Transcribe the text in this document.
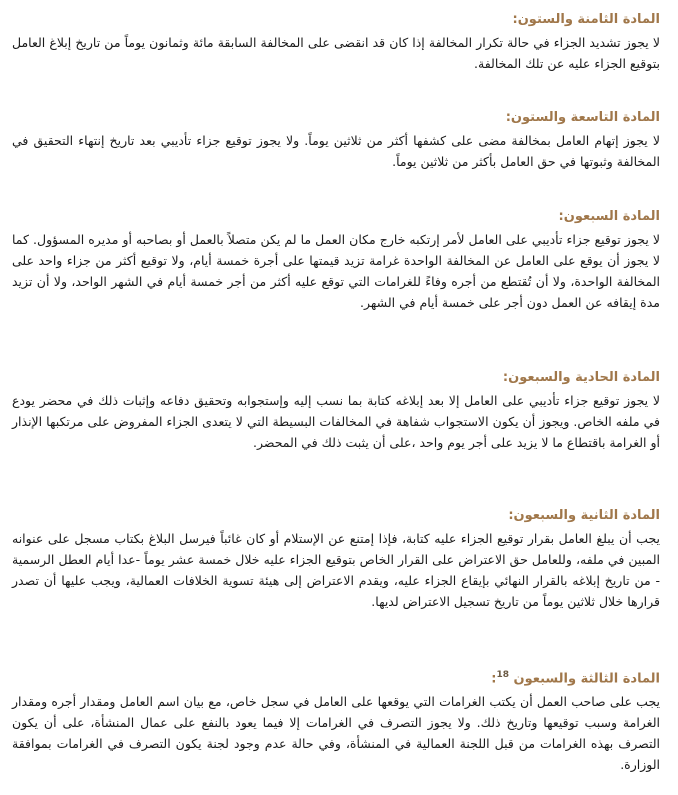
المادة الثامنة والستون:

لا يجوز تشديد الجزاء في حالة تكرار المخالفة إذا كان قد انقضى على المخالفة السابقة مائة وثمانون يوماً من تاريخ إبلاغ العامل بتوقيع الجزاء عليه عن تلك المخالفة.

المادة التاسعة والستون:

لا يجوز إتهام العامل بمخالفة مضى على كشفها أكثر من ثلاثين يوماً. ولا يجوز توقيع جزاء تأديبي بعد تاريخ إنتهاء التحقيق في المخالفة وثبوتها في حق العامل بأكثر من ثلاثين يوماً.

المادة السبعون:

لا يجوز توقيع جزاء تأديبي على العامل لأمر إرتكبه خارج مكان العمل ما لم يكن متصلاً بالعمل أو بصاحبه أو مديره المسؤول. كما لا يجوز أن يوقع على العامل عن المخالفة الواحدة غرامة تزيد قيمتها على أجرة خمسة أيام، ولا توقيع أكثر من جزاء واحد على المخالفة الواحدة، ولا أن تُقتطع من أجره وفاءً للغرامات التي توقع عليه أكثر من أجر خمسة أيام في الشهر الواحد، ولا أن تزيد مدة إيقافه عن العمل دون أجر على خمسة أيام في الشهر.

المادة الحادية والسبعون:

لا يجوز توقيع جزاء تأديبي على العامل إلا بعد إبلاغه كتابة بما نسب إليه وإستجوابه وتحقيق دفاعه وإثبات ذلك في محضر يودع في ملفه الخاص. ويجوز أن يكون الاستجواب شفاهة في المخالفات البسيطة التي لا يتعدى الجزاء المفروض على مرتكبها الإنذار أو الغرامة باقتطاع ما لا يزيد على أجر يوم واحد ،على أن يثبت ذلك في المحضر.

المادة الثانية والسبعون:

يجب أن يبلغ العامل بقرار توقيع الجزاء عليه كتابة، فإذا إمتنع عن الإستلام أو كان غائباً فيرسل البلاغ بكتاب مسجل على عنوانه المبين في ملفه، وللعامل حق الاعتراض على القرار الخاص بتوقيع الجزاء عليه خلال خمسة عشر يوماً -عدا أيام العطل الرسمية - من تاريخ إبلاغه بالقرار النهائي بإيقاع الجزاء عليه، ويقدم الاعتراض إلى هيئة تسوية الخلافات العمالية، ويجب عليها أن تصدر قرارها خلال ثلاثين يوماً من تاريخ تسجيل الاعتراض لديها.

المادة الثالثة والسبعون $^{18}$:

يجب على صاحب العمل أن يكتب الغرامات التي يوقعها على العامل في سجل خاص، مع بيان اسم العامل ومقدار أجره ومقدار الغرامة وسبب توقيعها وتاريخ ذلك. ولا يجوز التصرف في الغرامات إلا فيما يعود بالنفع على عمال المنشأة، على أن يكون التصرف بهذه الغرامات من قبل اللجنة العمالية في المنشأة، وفي حالة عدم وجود لجنة يكون التصرف في الغرامات بموافقة الوزارة.
